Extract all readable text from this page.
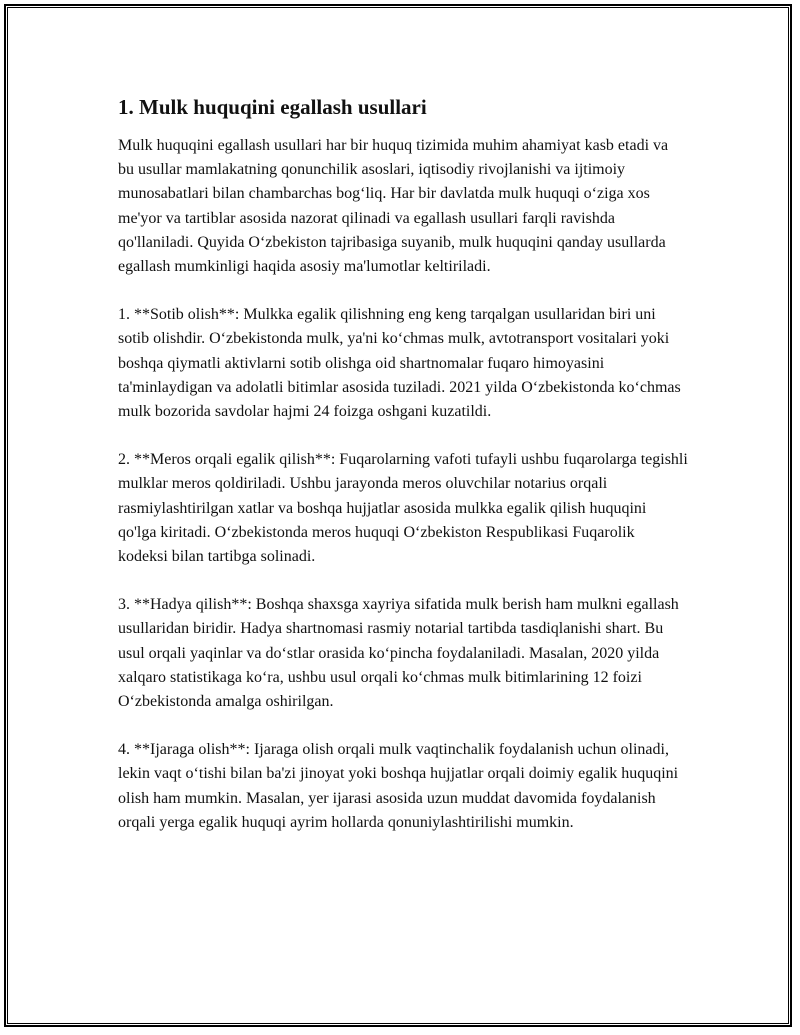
1. Mulk huquqini egallash usullari

Mulk huquqini egallash usullari har bir huquq tizimida muhim ahamiyat kasb etadi va bu usullar mamlakatning qonunchilik asoslari, iqtisodiy rivojlanishi va ijtimoiy munosabatlari bilan chambarchas bog‘liq. Har bir davlatda mulk huquqi o‘ziga xos me'yor va tartiblar asosida nazorat qilinadi va egallash usullari farqli ravishda qo'llaniladi. Quyida O‘zbekiston tajribasiga suyanib, mulk huquqini qanday usullarda egallash mumkinligi haqida asosiy ma'lumotlar keltiriladi.

1. **Sotib olish**: Mulkka egalik qilishning eng keng tarqalgan usullaridan biri uni sotib olishdir. O‘zbekistonda mulk, ya'ni ko‘chmas mulk, avtotransport vositalari yoki boshqa qiymatli aktivlarni sotib olishga oid shartnomalar fuqaro himoyasini ta'minlaydigan va adolatli bitimlar asosida tuziladi. 2021 yilda O‘zbekistonda ko‘chmas mulk bozorida savdolar hajmi 24 foizga oshgani kuzatildi.

2. **Meros orqali egalik qilish**: Fuqarolarning vafoti tufayli ushbu fuqarolarga tegishli mulklar meros qoldiriladi. Ushbu jarayonda meros oluvchilar notarius orqali rasmiylashtirilgan xatlar va boshqa hujjatlar asosida mulkka egalik qilish huquqini qo'lga kiritadi. O‘zbekistonda meros huquqi O‘zbekiston Respublikasi Fuqarolik kodeksi bilan tartibga solinadi.

3. **Hadya qilish**: Boshqa shaxsga xayriya sifatida mulk berish ham mulkni egallash usullaridan biridir. Hadya shartnomasi rasmiy notarial tartibda tasdiqlanishi shart. Bu usul orqali yaqinlar va do‘stlar orasida ko‘pincha foydalaniladi. Masalan, 2020 yilda xalqaro statistikaga ko‘ra, ushbu usul orqali ko‘chmas mulk bitimlarining 12 foizi O‘zbekistonda amalga oshirilgan.

4. **Ijaraga olish**: Ijaraga olish orqali mulk vaqtinchalik foydalanish uchun olinadi, lekin vaqt o‘tishi bilan ba'zi jinoyat yoki boshqa hujjatlar orqali doimiy egalik huquqini olish ham mumkin. Masalan, yer ijarasi asosida uzun muddat davomida foydalanish orqali yerga egalik huquqi ayrim hollarda qonuniylashtirilishi mumkin.
